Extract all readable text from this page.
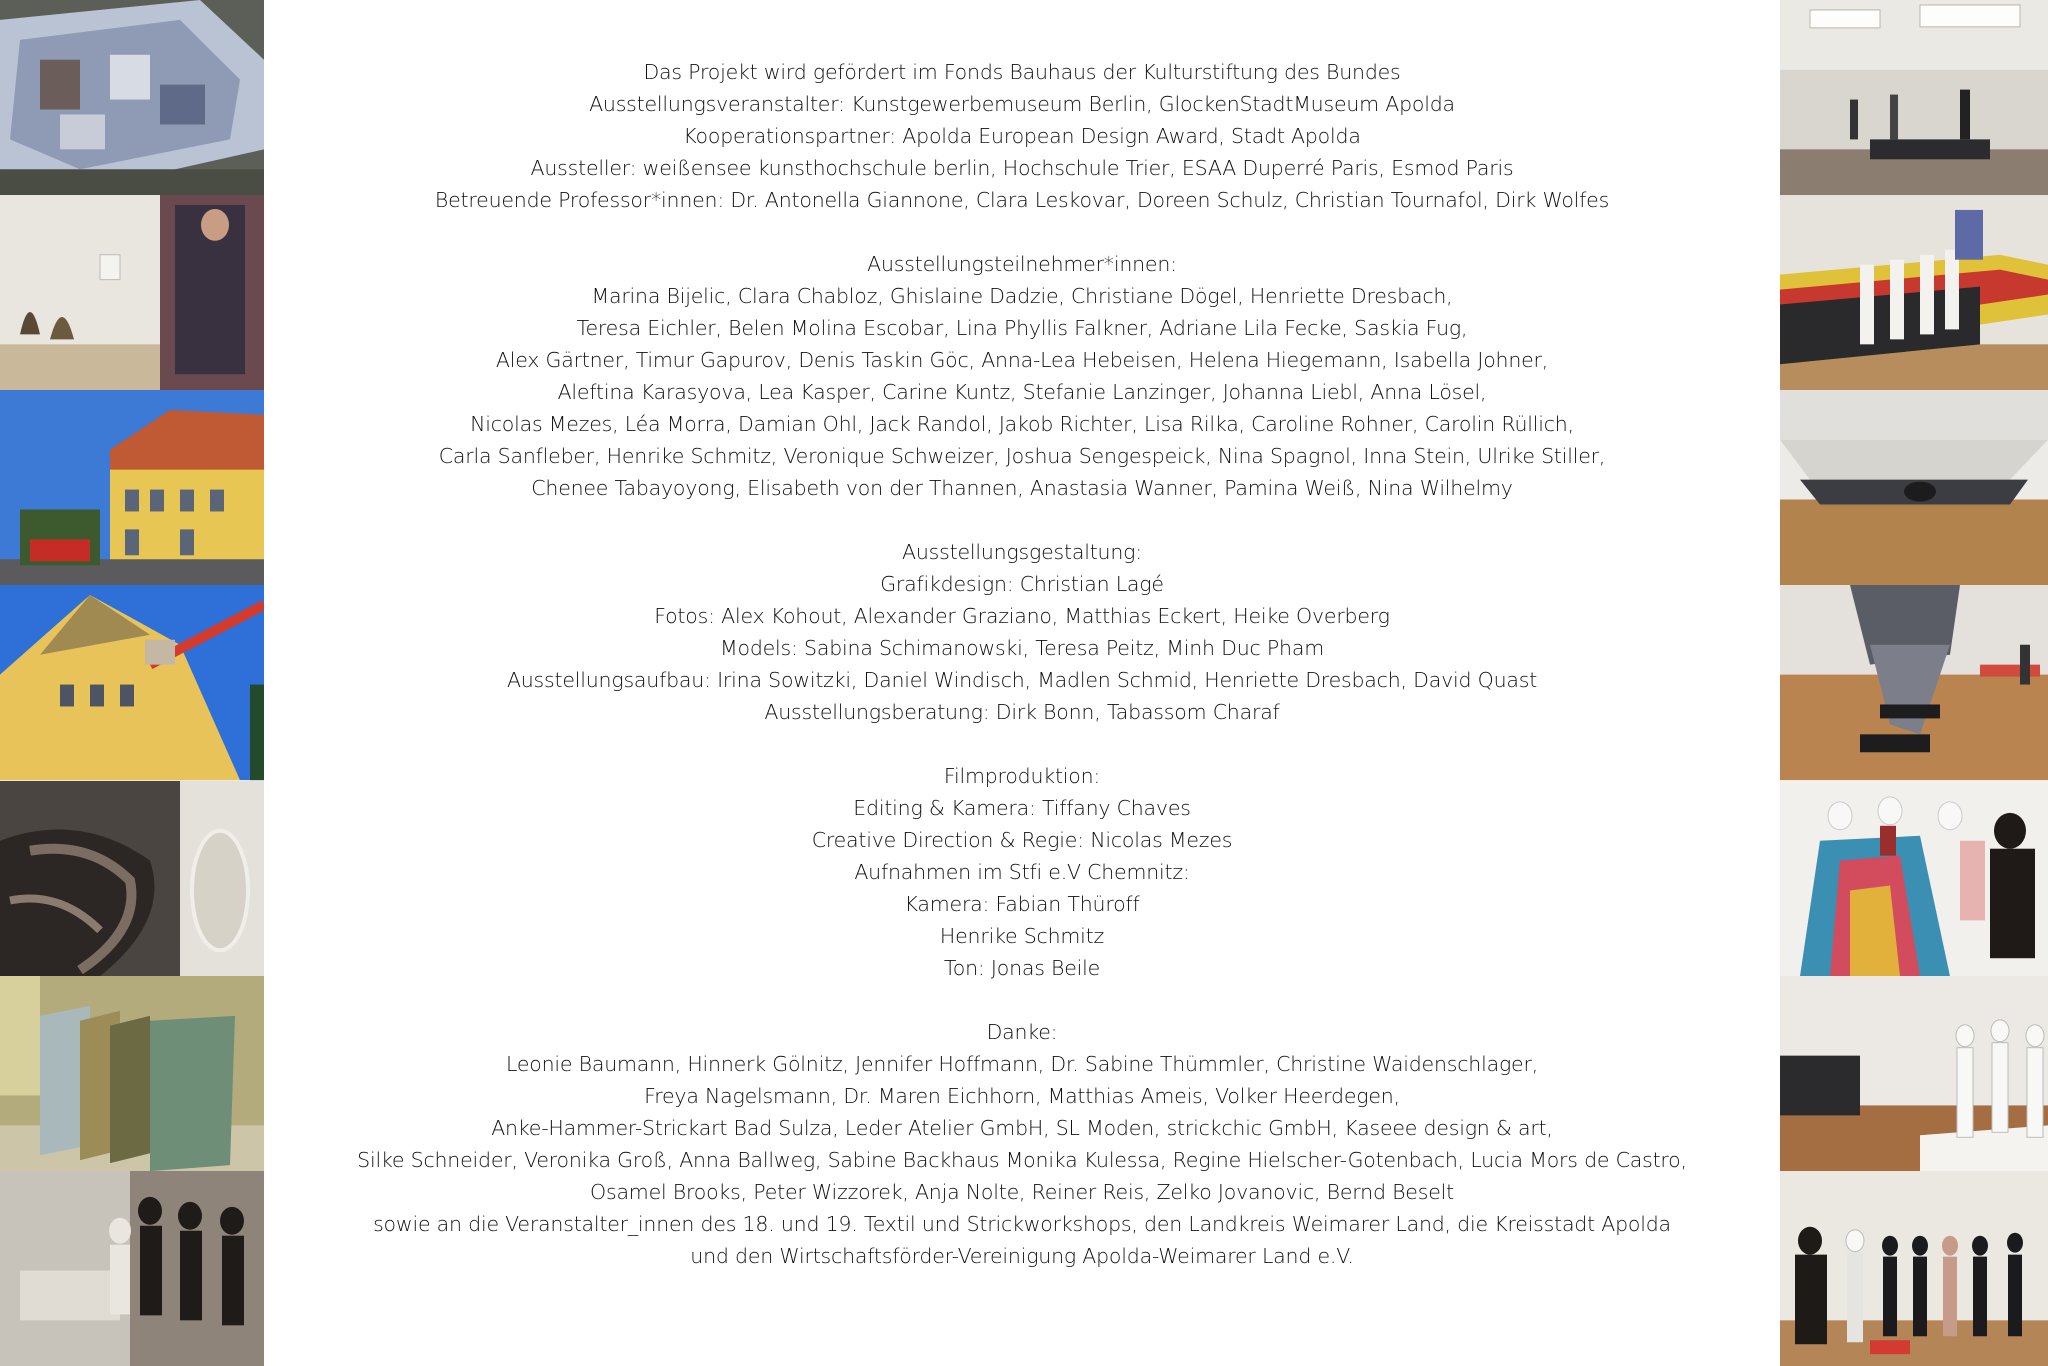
Das Projekt wird gefördert im Fonds Bauhaus der Kulturstiftung des Bundes
Ausstellungsveranstalter: Kunstgewerbemuseum Berlin, GlockenStadtMuseum Apolda
Kooperationspartner: Apolda European Design Award, Stadt Apolda
Aussteller: weißensee kunsthochschule berlin, Hochschule Trier, ESAA Duperré Paris, Esmod Paris
Betreuende Professor*innen: Dr. Antonella Giannone, Clara Leskovar, Doreen Schulz, Christian Tournafol, Dirk Wolfes
Ausstellungsteilnehmer*innen:
Marina Bijelic, Clara Chabloz, Ghislaine Dadzie, Christiane Dögel, Henriette Dresbach,
Teresa Eichler, Belen Molina Escobar, Lina Phyllis Falkner, Adriane Lila Fecke, Saskia Fug,
Alex Gärtner, Timur Gapurov, Denis Taskin Göc, Anna-Lea Hebeisen, Helena Hiegemann, Isabella Johner,
Aleftina Karasyova, Lea Kasper, Carine Kuntz, Stefanie Lanzinger, Johanna Liebl, Anna Lösel,
Nicolas Mezes, Léa Morra, Damian Ohl, Jack Randol, Jakob Richter, Lisa Rilka, Caroline Rohner, Carolin Rüllich,
Carla Sanfleber, Henrike Schmitz, Veronique Schweizer, Joshua Sengespeick, Nina Spagnol, Inna Stein, Ulrike Stiller,
Chenee Tabayoyong, Elisabeth von der Thannen, Anastasia Wanner, Pamina Weiß, Nina Wilhelmy
Ausstellungsgestaltung:
Grafikdesign: Christian Lagé
Fotos: Alex Kohout, Alexander Graziano, Matthias Eckert, Heike Overberg
Models: Sabina Schimanowski, Teresa Peitz, Minh Duc Pham
Ausstellungsaufbau: Irina Sowitzki, Daniel Windisch, Madlen Schmid, Henriette Dresbach, David Quast
Ausstellungsberatung: Dirk Bonn, Tabassom Charaf
Filmproduktion:
Editing & Kamera: Tiffany Chaves
Creative Direction & Regie: Nicolas Mezes
Aufnahmen im Stfi e.V Chemnitz:
Kamera: Fabian Thüroff
Henrike Schmitz
Ton: Jonas Beile
Danke:
Leonie Baumann, Hinnerk Gölnitz, Jennifer Hoffmann, Dr. Sabine Thümmler, Christine Waidenschlager,
Freya Nagelsmann, Dr. Maren Eichhorn, Matthias Ameis, Volker Heerdegen,
Anke-Hammer-Strickart Bad Sulza, Leder Atelier GmbH, SL Moden, strickchic GmbH, Kaseee design & art,
Silke Schneider, Veronika Groß, Anna Ballweg, Sabine Backhaus Monika Kulessa, Regine Hielscher-Gotenbach, Lucia Mors de Castro,
Osamel Brooks, Peter Wizzorek, Anja Nolte, Reiner Reis, Zelko Jovanovic, Bernd Beselt
sowie an die Veranstalter_innen des 18. und 19. Textil und Strickworkshops, den Landkreis Weimarer Land, die Kreisstadt Apolda
und den Wirtschaftsförder-Vereinigung Apolda-Weimarer Land e.V.
